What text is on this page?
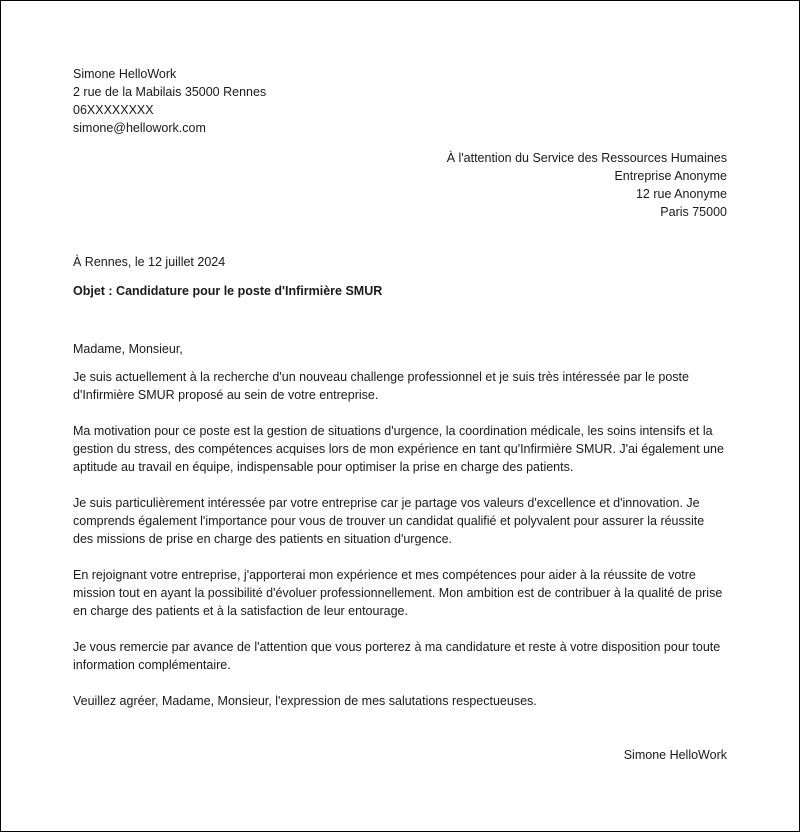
Simone HelloWork
2 rue de la Mabilais 35000 Rennes
06XXXXXXXX
simone@hellowork.com
À l'attention du Service des Ressources Humaines
Entreprise Anonyme
12 rue Anonyme
Paris 75000
À Rennes, le 12 juillet 2024
Objet : Candidature pour le poste d'Infirmière SMUR
Madame, Monsieur,
Je suis actuellement à la recherche d'un nouveau challenge professionnel et je suis très intéressée par le poste d'Infirmière SMUR proposé au sein de votre entreprise.
Ma motivation pour ce poste est la gestion de situations d'urgence, la coordination médicale, les soins intensifs et la gestion du stress, des compétences acquises lors de mon expérience en tant qu'Infirmière SMUR. J'ai également une aptitude au travail en équipe, indispensable pour optimiser la prise en charge des patients.
Je suis particulièrement intéressée par votre entreprise car je partage vos valeurs d'excellence et d'innovation. Je comprends également l'importance pour vous de trouver un candidat qualifié et polyvalent pour assurer la réussite des missions de prise en charge des patients en situation d'urgence.
En rejoignant votre entreprise, j'apporterai mon expérience et mes compétences pour aider à la réussite de votre mission tout en ayant la possibilité d'évoluer professionnellement. Mon ambition est de contribuer à la qualité de prise en charge des patients et à la satisfaction de leur entourage.
Je vous remercie par avance de l'attention que vous porterez à ma candidature et reste à votre disposition pour toute information complémentaire.
Veuillez agréer, Madame, Monsieur, l'expression de mes salutations respectueuses.
Simone HelloWork
